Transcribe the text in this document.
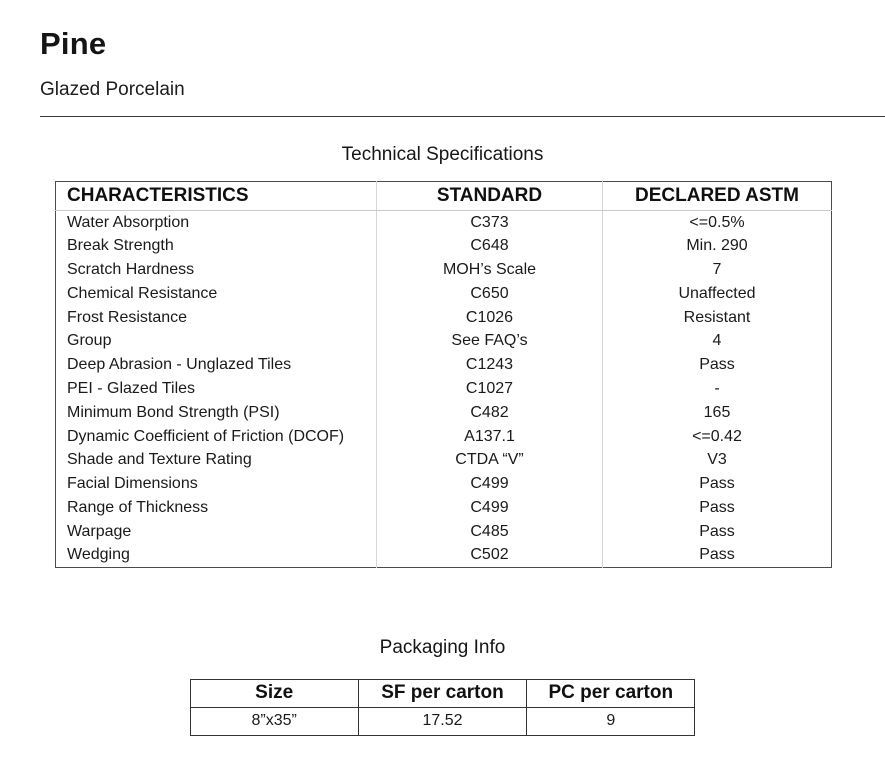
Pine
Glazed Porcelain
Technical Specifications
CHARACTERISTICS	STANDARD	DECLARED ASTM
Water Absorption	C373	<=0.5%
Break Strength	C648	Min. 290
Scratch Hardness	MOH’s Scale	7
Chemical Resistance	C650	Unaffected
Frost Resistance	C1026	Resistant
Group	See FAQ’s	4
Deep Abrasion - Unglazed Tiles	C1243	Pass
PEI - Glazed Tiles	C1027	-
Minimum Bond Strength (PSI)	C482	165
Dynamic Coefficient of Friction (DCOF)	A137.1	<=0.42
Shade and Texture Rating	CTDA “V”	V3
Facial Dimensions	C499	Pass
Range of Thickness	C499	Pass
Warpage	C485	Pass
Wedging	C502	Pass
Packaging Info
Size	SF per carton	PC per carton
8”x35”	17.52	9
